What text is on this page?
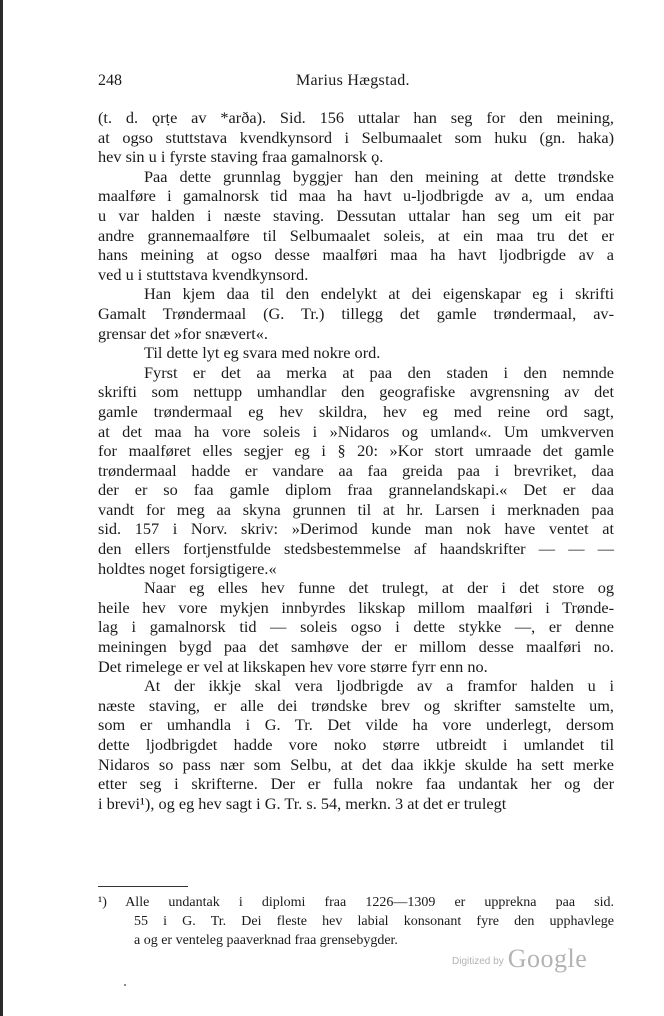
248	Marius Hægstad.
(t. d. ǫrṭe av *arða). Sid. 156 uttalar han seg for den meining,
at ogso stuttstava kvendkynsord i Selbumaalet som huku (gn. haka)
hev sin u i fyrste staving fraa gamalnorsk ǫ.
Paa dette grunnlag byggjer han den meining at dette trøndske
maalføre i gamalnorsk tid maa ha havt u-ljodbrigde av a, um endaa
u var halden i næste staving. Dessutan uttalar han seg um eit par
andre grannemaalføre til Selbumaalet soleis, at ein maa tru det er
hans meining at ogso desse maalføri maa ha havt ljodbrigde av a
ved u i stuttstava kvendkynsord.
Han kjem daa til den endelykt at dei eigenskapar eg i skrifti
Gamalt Trøndermaal (G. Tr.) tillegg det gamle trøndermaal, av-
grensar det »for snævert«.
Til dette lyt eg svara med nokre ord.
Fyrst er det aa merka at paa den staden i den nemnde
skrifti som nettupp umhandlar den geografiske avgrensning av det
gamle trøndermaal eg hev skildra, hev eg med reine ord sagt,
at det maa ha vore soleis i »Nidaros og umland«. Um umkverven
for maalføret elles segjer eg i § 20: »Kor stort umraade det gamle
trøndermaal hadde er vandare aa faa greida paa i brevriket, daa
der er so faa gamle diplom fraa grannelandskapi.« Det er daa
vandt for meg aa skyna grunnen til at hr. Larsen i merknaden paa
sid. 157 i Norv. skriv: »Derimod kunde man nok have ventet at
den ellers fortjenstfulde stedsbestemmelse af haandskrifter — — —
holdtes noget forsigtigere.«
Naar eg elles hev funne det trulegt, at der i det store og
heile hev vore mykjen innbyrdes likskap millom maalføri i Trønde-
lag i gamalnorsk tid — soleis ogso i dette stykke —, er denne
meiningen bygd paa det samhøve der er millom desse maalføri no.
Det rimelege er vel at likskapen hev vore større fyrr enn no.
At der ikkje skal vera ljodbrigde av a framfor halden u i
næste staving, er alle dei trøndske brev og skrifter samstelte um,
som er umhandla i G. Tr. Det vilde ha vore underlegt, dersom
dette ljodbrigdet hadde vore noko større utbreidt i umlandet til
Nidaros so pass nær som Selbu, at det daa ikkje skulde ha sett merke
etter seg i skrifterne. Der er fulla nokre faa undantak her og der
i brevi¹), og eg hev sagt i G. Tr. s. 54, merkn. 3 at det er trulegt
¹) Alle undantak i diplomi fraa 1226—1309 er upprekna paa sid.
55 i G. Tr. Dei fleste hev labial konsonant fyre den upphavlege
a og er venteleg paaverknad fraa grensebygder.
Digitized by Google
